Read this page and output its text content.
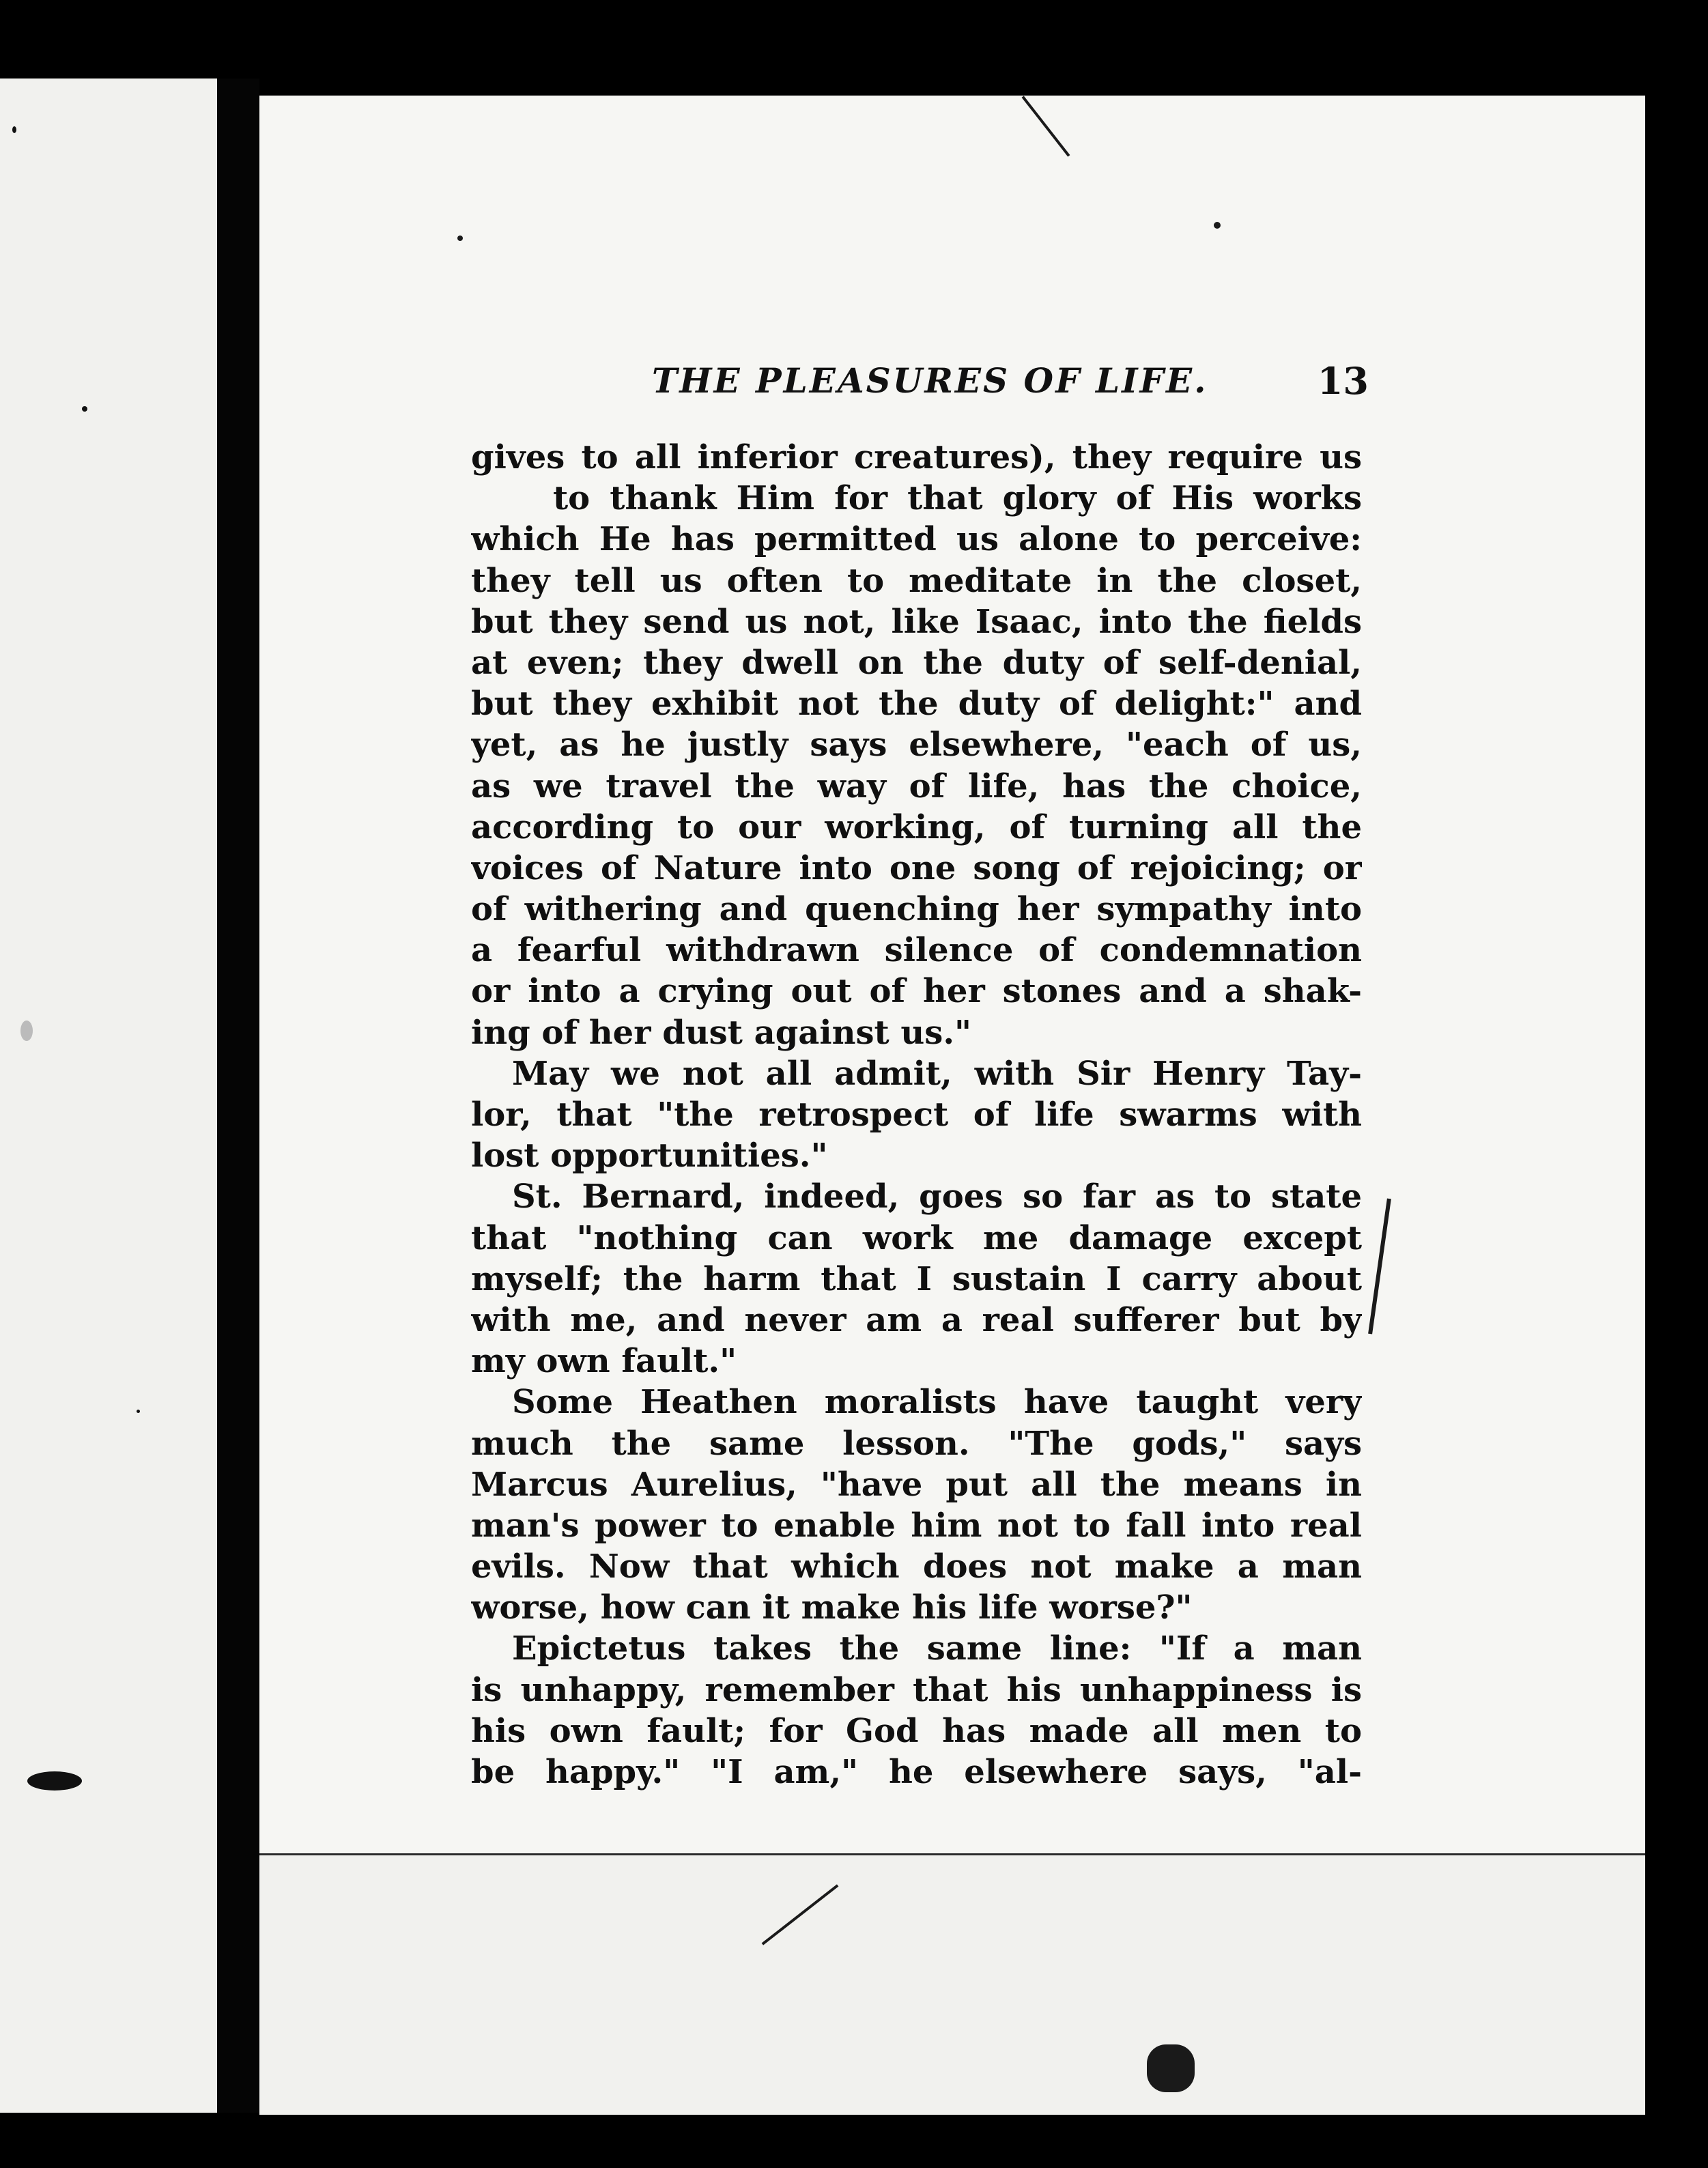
THE PLEASURES OF LIFE.	13
gives to all inferior creatures), they require us
to thank Him for that glory of His works
which He has permitted us alone to perceive:
they tell us often to meditate in the closet,
but they send us not, like Isaac, into the fields
at even; they dwell on the duty of self-denial,
but they exhibit not the duty of delight:" and
yet, as he justly says elsewhere, "each of us,
as we travel the way of life, has the choice,
according to our working, of turning all the
voices of Nature into one song of rejoicing; or
of withering and quenching her sympathy into
a fearful withdrawn silence of condemnation
or into a crying out of her stones and a shak-
ing of her dust against us."
May we not all admit, with Sir Henry Tay-
lor, that "the retrospect of life swarms with
lost opportunities."
St. Bernard, indeed, goes so far as to state
that "nothing can work me damage except
myself; the harm that I sustain I carry about
with me, and never am a real sufferer but by
my own fault."
Some Heathen moralists have taught very
much the same lesson. "The gods," says
Marcus Aurelius, "have put all the means in
man's power to enable him not to fall into real
evils. Now that which does not make a man
worse, how can it make his life worse?"
Epictetus takes the same line: "If a man
is unhappy, remember that his unhappiness is
his own fault; for God has made all men to
be happy." "I am," he elsewhere says, "al-
